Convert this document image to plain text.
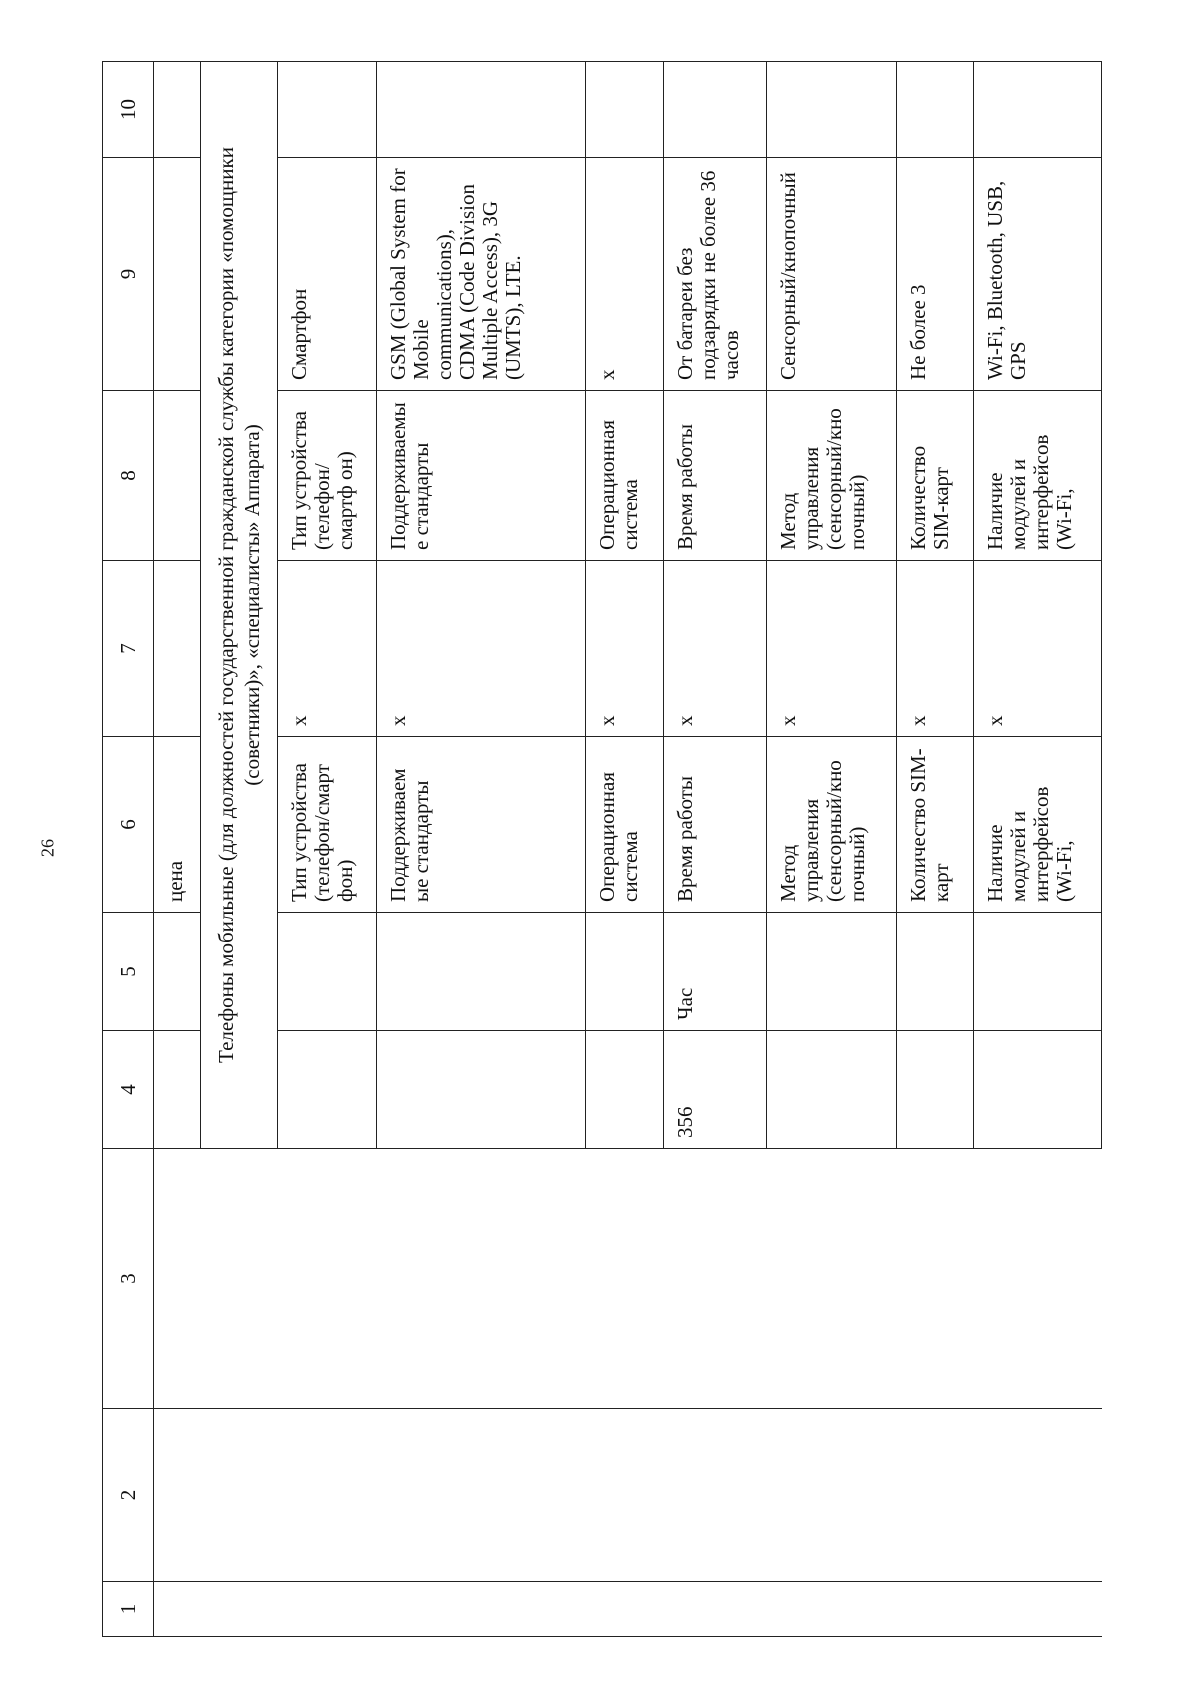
26
1	2	3	4	5	6	7	8	9	10
					цена				
			Телефоны мобильные (для должностей государственной гражданской службы категории «помощники (советники)», «специалисты» Аппарата)						
					Тип устройства (телефон/смарт фон)	x	Тип устройства (телефон/смартф он)	Смартфон	
					Поддерживаем ые стандарты	x	Поддерживаемы е стандарты	GSM (Global System for Mobile communications), CDMA (Code Division Multiple Access), 3G (UMTS), LTE.	
					Операционная система	x	Операционная система	x	
			356	Час	Время работы	x	Время работы	От батареи без подзарядки не более 36 часов	
					Метод управления (сенсорный/кно почный)	x	Метод управления (сенсорный/кно почный)	Сенсорный/кнопочный	
					Количество SIM-карт	x	Количество SIM-карт	Не более 3	
					Наличие модулей и интерфейсов (Wi-Fi,	x	Наличие модулей и интерфейсов (Wi-Fi,	Wi-Fi, Bluetooth, USB, GPS	
